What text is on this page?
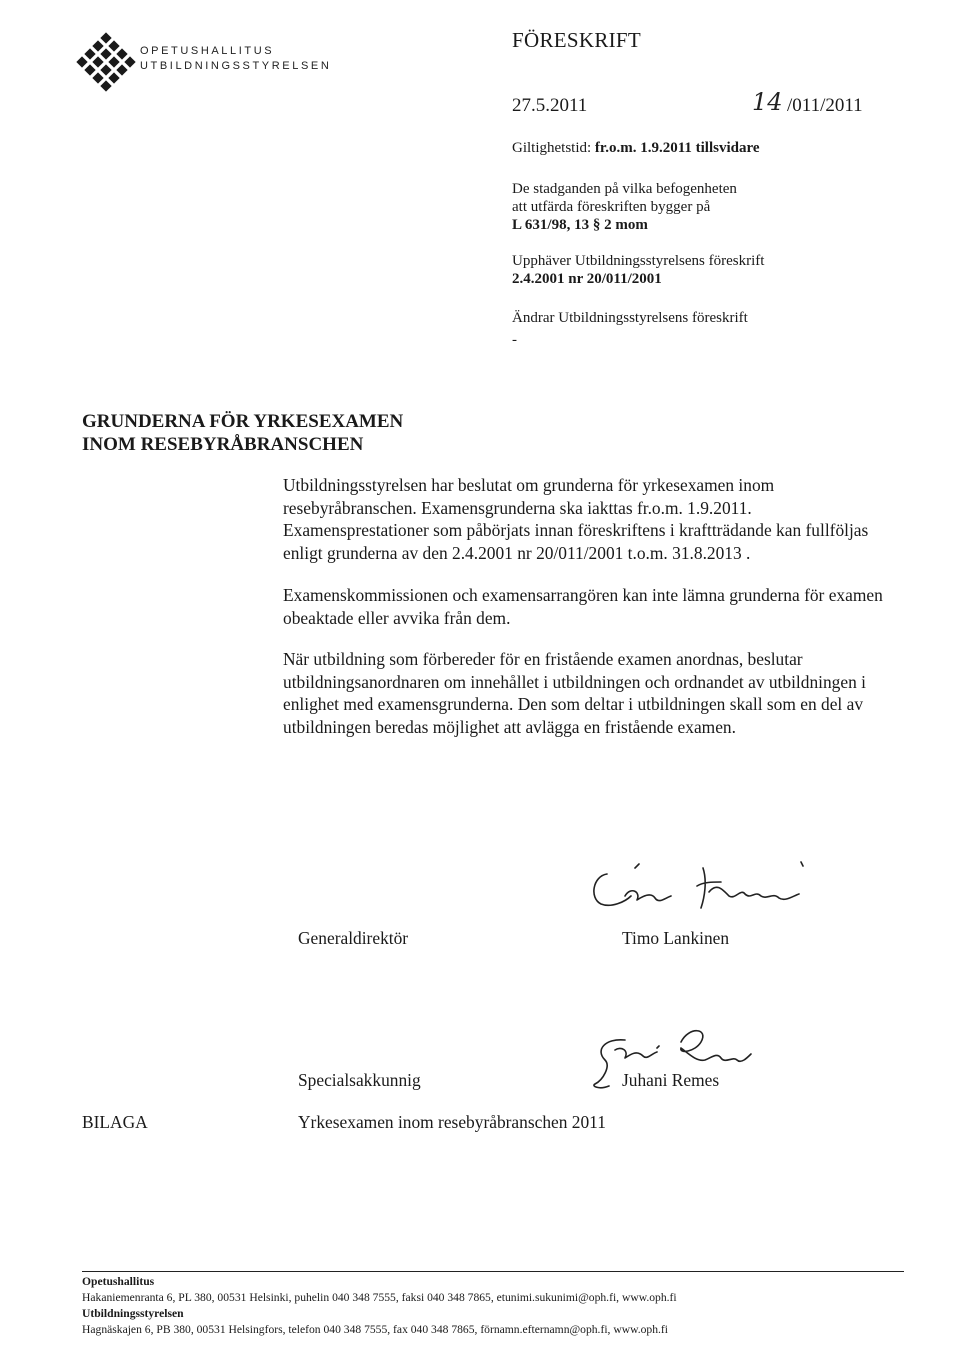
OPETUSHALLITUS
UTBILDNINGSSTYRELSEN
FÖRESKRIFT
27.5.2011	14 /011/2011
Giltighetstid: fr.o.m. 1.9.2011 tillsvidare
De stadganden på vilka befogenheten
att utfärda föreskriften bygger på
L 631/98, 13 § 2 mom
Upphäver Utbildningsstyrelsens föreskrift
2.4.2001 nr 20/011/2001
Ändrar Utbildningsstyrelsens föreskrift
-
GRUNDERNA FÖR YRKESEXAMEN
INOM RESEBYRÅBRANSCHEN
Utbildningsstyrelsen har beslutat om grunderna för yrkesexamen inom resebyråbranschen. Examensgrunderna ska iakttas fr.o.m. 1.9.2011. Examensprestationer som påbörjats innan föreskriftens i kraftträdande kan fullföljas enligt grunderna av den 2.4.2001 nr 20/011/2001 t.o.m. 31.8.2013 .
Examenskommissionen och examensarrangören kan inte lämna grunderna för examen obeaktade eller avvika från dem.
När utbildning som förbereder för en fristående examen anordnas, beslutar utbildningsanordnaren om innehållet i utbildningen och ordnandet av utbildningen i enlighet med examensgrunderna. Den som deltar i utbildningen skall som en del av utbildningen beredas möjlighet att avlägga en fristående examen.
Generaldirektör	Timo Lankinen
Specialsakkunnig	Juhani Remes
BILAGA	Yrkesexamen inom resebyråbranschen 2011
Opetushallitus
Hakaniemenranta 6, PL 380, 00531 Helsinki, puhelin 040 348 7555, faksi 040 348 7865, etunimi.sukunimi@oph.fi, www.oph.fi
Utbildningsstyrelsen
Hagnäskajen 6, PB 380, 00531 Helsingfors, telefon 040 348 7555, fax 040 348 7865, förnamn.efternamn@oph.fi, www.oph.fi
